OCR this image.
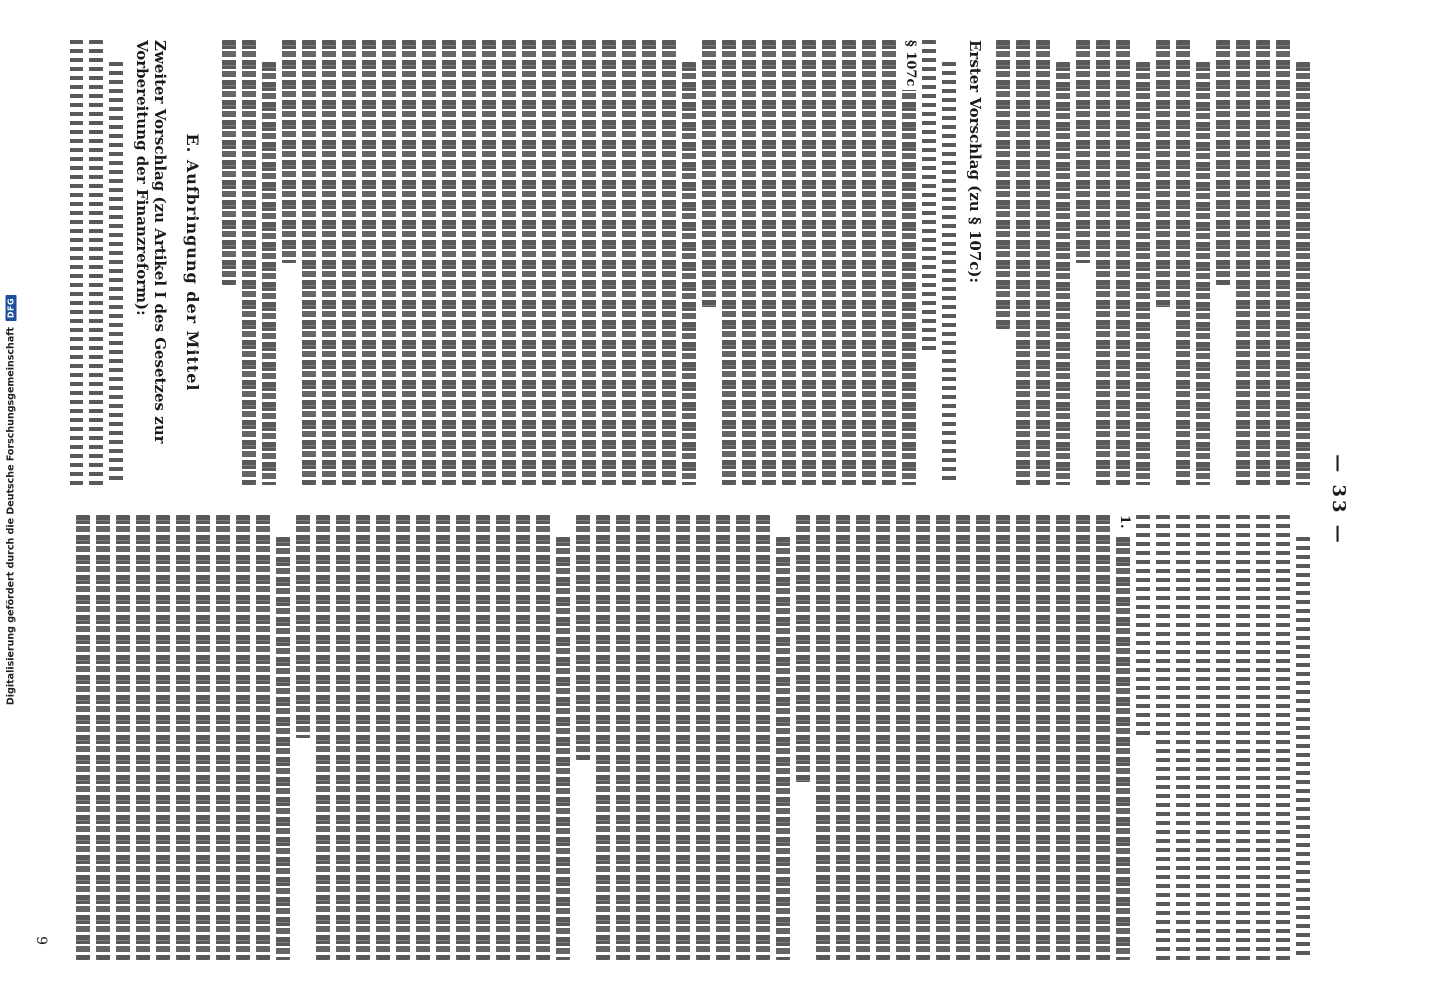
Digitalisierung gefördert durch die Deutsche Forschungsgemeinschaft
DFG
— 33 —
Erster Vorschlag (zu § 107c):
§ 107c
E. Aufbringung der Mittel
Zweiter Vorschlag (zu Artikel I des Gesetzes zur Vorbereitung der Finanzreform):
1.
9
